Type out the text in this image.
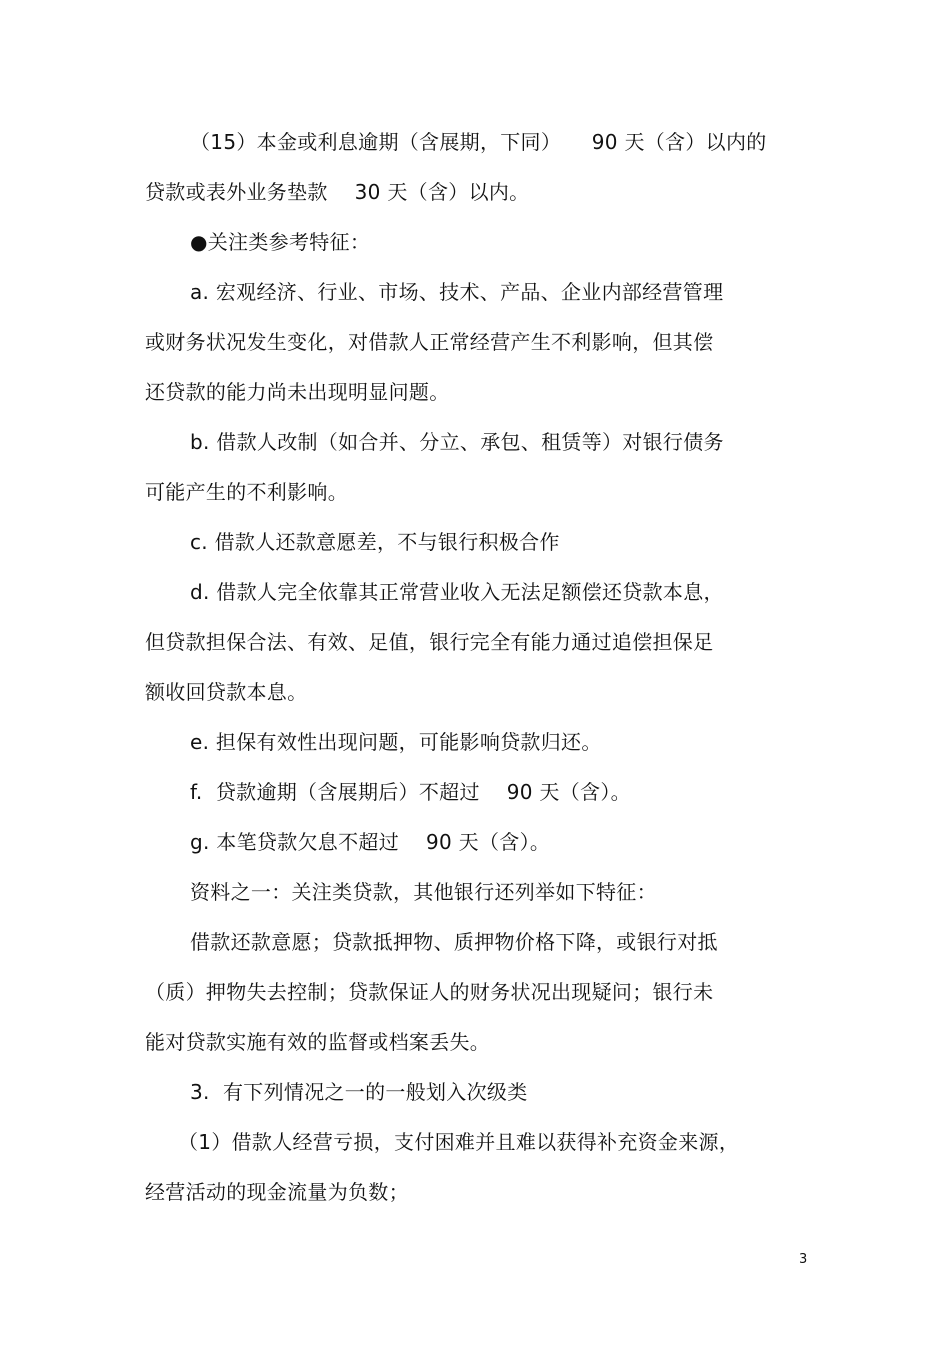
（15）本金或利息逾期（含展期，下同）　　90 天（含）以内的
贷款或表外业务垫款　 30 天（含）以内。
●关注类参考特征：
a. 宏观经济、行业、市场、技术、产品、企业内部经营管理
或财务状况发生变化，对借款人正常经营产生不利影响，但其偿
还贷款的能力尚未出现明显问题。
b. 借款人改制（如合并、分立、承包、租赁等）对银行债务
可能产生的不利影响。
c. 借款人还款意愿差，不与银行积极合作
d. 借款人完全依靠其正常营业收入无法足额偿还贷款本息，
但贷款担保合法、有效、足值，银行完全有能力通过追偿担保足
额收回贷款本息。
e. 担保有效性出现问题，可能影响贷款归还。
f.  贷款逾期（含展期后）不超过　 90 天（含）。
g. 本笔贷款欠息不超过　 90 天（含）。
资料之一：关注类贷款，其他银行还列举如下特征：
借款还款意愿；贷款抵押物、质押物价格下降，或银行对抵
（质）押物失去控制；贷款保证人的财务状况出现疑问；银行未
能对贷款实施有效的监督或档案丢失。
3.  有下列情况之一的一般划入次级类
（1）借款人经营亏损，支付困难并且难以获得补充资金来源，
经营活动的现金流量为负数；
3
